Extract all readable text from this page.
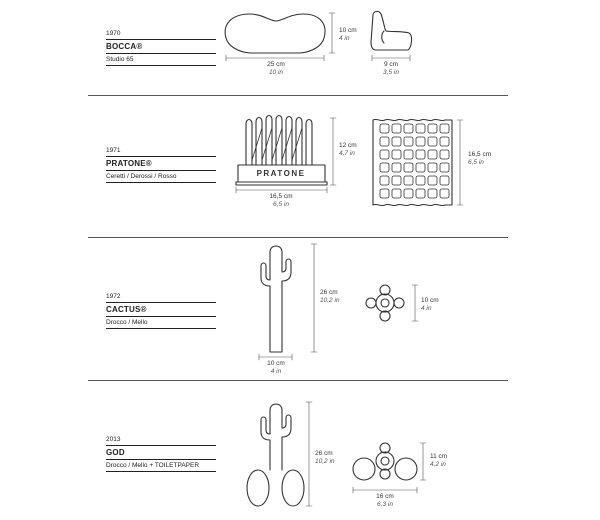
1970
BOCCA®
Studio 65
1971
PRATONE®
Ceretti / Derossi / Rosso
1972
CACTUS®
Drocco / Mello
2013
GOD
Drocco / Mello + TOILETPAPER
PRATONE
10 cm
4 in
25 cm
10 in
9 cm
3,5 in
12 cm
4,7 in
16,5 cm
6,5 in
16,5 cm
6,5 in
26 cm
10,2 in
10 cm
4 in
10 cm
4 in
26 cm
10,2 in
11 cm
4,2 in
16 cm
6,3 in
